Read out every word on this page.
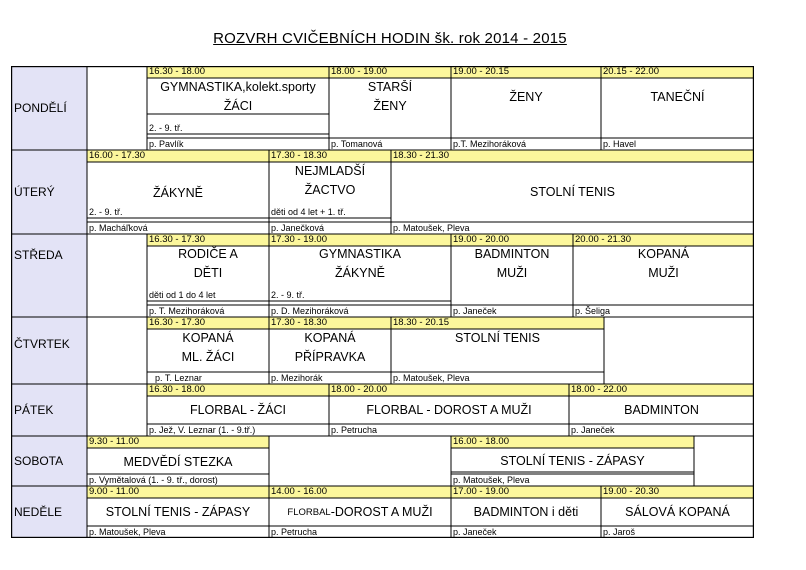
ROZVRH CVIČEBNÍCH HODIN šk. rok 2014 - 2015
PONDĚLÍ
16.30 - 18.00
GYMNASTIKA,kolekt.sporty
ŽÁCI
2. - 9. tř.
p. Pavlík
18.00 - 19.00
STARŠÍ
ŽENY
p. Tomanová
19.00 - 20.15
ŽENY
p.T. Mezihoráková
20.15 - 22.00
TANEČNÍ
p. Havel
ÚTERÝ
16.00 - 17.30
ŽÁKYNĚ
2. - 9. tř.
p. Macháľková
17.30 - 18.30
NEJMLADŠÍ
ŽACTVO
děti od 4 let + 1. tř.
p. Janečková
18.30 - 21.30
STOLNÍ TENIS
p. Matoušek, Pleva
STŘEDA
16.30 - 17.30
RODIČE A
DĚTI
děti od 1 do 4 let
p. T. Mezihoráková
17.30 - 19.00
GYMNASTIKA
ŽÁKYNĚ
2. - 9. tř.
p. D. Mezihoráková
19.00 - 20.00
BADMINTON
MUŽI
p. Janeček
20.00 - 21.30
KOPANÁ
MUŽI
p. Šeliga
ČTVRTEK
16.30 - 17.30
KOPANÁ
ML. ŽÁCI
p. T. Leznar
17.30 - 18.30
KOPANÁ
PŘÍPRAVKA
p. Mezihorák
18.30 - 20.15
STOLNÍ TENIS
p. Matoušek, Pleva
PÁTEK
16.30 - 18.00
FLORBAL - ŽÁCI
p. Jež, V. Leznar (1. - 9.tř.)
18.00 - 20.00
FLORBAL - DOROST A MUŽI
p. Petrucha
18.00 - 22.00
BADMINTON
p. Janeček
SOBOTA
9.30 - 11.00
MEDVĚDÍ STEZKA
p. Vymětalová (1. - 9. tř., dorost)
16.00 - 18.00
STOLNÍ TENIS - ZÁPASY
p. Matoušek, Pleva
NEDĚLE
9.00 - 11.00
STOLNÍ TENIS - ZÁPASY
p. Matoušek, Pleva
14.00 - 16.00
FLORBAL -DOROST A MUŽI
p. Petrucha
17.00 - 19.00
BADMINTON i děti
p. Janeček
19.00 - 20.30
SÁLOVÁ KOPANÁ
p. Jaroš
